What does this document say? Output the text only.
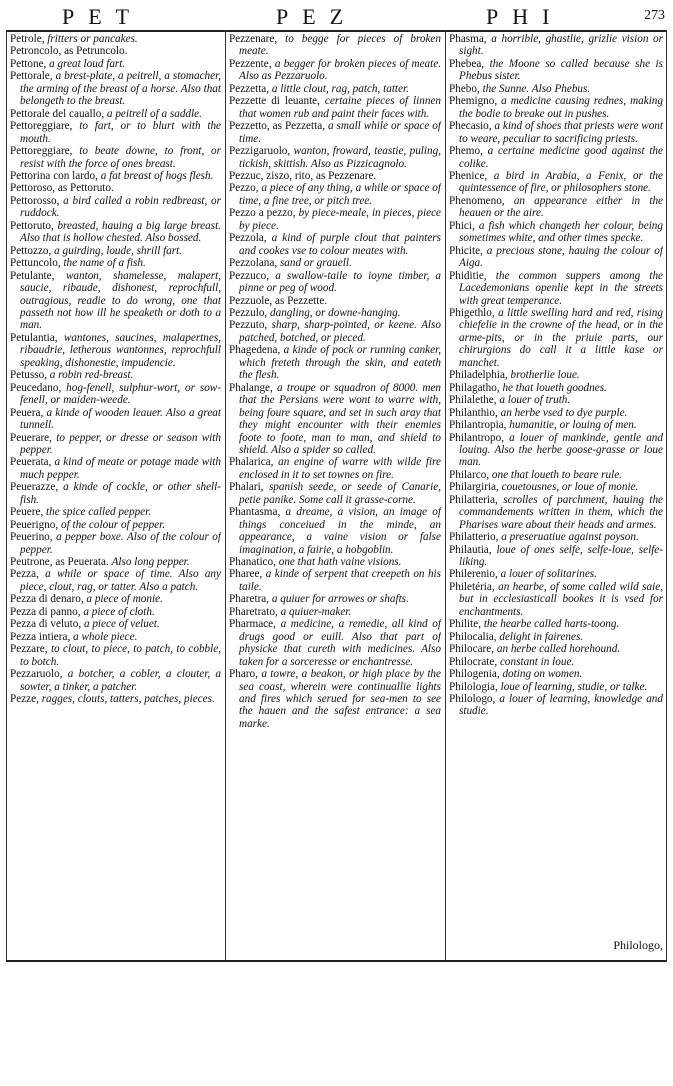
PET	PEZ	PHI	273

Petrole, fritters or pancakes.

Petroncolo, as Petruncolo.

Pettone, a great loud fart.

Pettorale, a brest-plate, a peitrell, a stomacher, the arming of the breast of a horse. Also that belongeth to the breast.

Pettorale del cauallo, a peitrell of a saddle.

Pettoreggiare, to fart, or to blurt with the mouth.

Pettoreggiare, to beate downe, to front, or resist with the force of ones breast.

Pettorina con lardo, a fat breast of hogs flesh.

Pettoroso, as Pettoruto.

Pettorosso, a bird called a robin redbreast, or ruddock.

Pettoruto, breasted, hauing a big large breast. Also that is hollow chested. Also bossed.

Pettozzo, a guirding, loude, shrill fart.

Pettuncolo, the name of a fish.

Petulante, wanton, shamelesse, malapert, saucie, ribaude, dishonest, reprochfull, outragious, readie to do wrong, one that passeth not how ill he speaketh or doth to a man.

Petulantia, wantones, saucines, malapertnes, ribaudrie, letherous wantonnes, reprochfull speaking, dishonestie, impudencie.

Petusso, a robin red-breast.

Peucedano, hog-fenell, sulphur-wort, or sow-fenell, or maiden-weede.

Peuera, a kinde of wooden leauer. Also a great tunnell.

Peuerare, to pepper, or dresse or season with pepper.

Peuerata, a kind of meate or potage made with much pepper.

Peuerazze, a kinde of cockle, or other shell-fish.

Peuere, the spice called pepper.

Peuerigno, of the colour of pepper.

Peuerino, a pepper boxe. Also of the colour of pepper.

Peutrone, as Peuerata. Also long pepper.

Pezza, a while or space of time. Also any piece, clout, rag, or tatter. Also a patch.

Pezza di denaro, a piece of monie.

Pezza di panno, a piece of cloth.

Pezza di veluto, a piece of veluet.

Pezza intiera, a whole piece.

Pezzare, to clout, to piece, to patch, to cobble, to botch.

Pezzaruolo, a botcher, a cobler, a clouter, a sowter, a tinker, a patcher.

Pezze, ragges, clouts, tatters, patches, pieces.

Pezzenare, to begge for pieces of broken meate.

Pezzente, a begger for broken pieces of meate. Also as Pezzaruolo.

Pezzetta, a little clout, rag, patch, tatter.

Pezzette di leuante, certaine pieces of linnen that women rub and paint their faces with.

Pezzetto, as Pezzetta, a small while or space of time.

Pezzigaruolo, wanton, froward, teastie, puling, tickish, skittish. Also as Pizzicagnolo.

Pezzuc, ziszo, rito, as Pezzenare.

Pezzo, a piece of any thing, a while or space of time, a fine tree, or pitch tree.

Pezzo a pezzo, by piece-meale, in pieces, piece by piece.

Pezzola, a kind of purple clout that painters and cookes vse to colour meates with.

Pezzolana, sand or grauell.

Pezzuco, a swallow-taile to ioyne timber, a pinne or peg of wood.

Pezzuole, as Pezzette.

Pezzulo, dangling, or downe-hanging.

Pezzuto, sharp, sharp-pointed, or keene. Also patched, botched, or pieced.

Phagedena, a kinde of pock or running canker, which freteth through the skin, and eateth the flesh.

Phalange, a troupe or squadron of 8000. men that the Persians were wont to warre with, being foure square, and set in such aray that they might encounter with their enemies foote to foote, man to man, and shield to shield. Also a spider so called.

Phalarica, an engine of warre with wilde fire enclosed in it to set townes on fire.

Phalari, spanish seede, or seede of Canarie, petie panike. Some call it grasse-corne.

Phantasma, a dreame, a vision, an image of things conceiued in the minde, an appearance, a vaine vision or false imagination, a fairie, a hobgoblin.

Phanatico, one that hath vaine visions.

Pharee, a kinde of serpent that creepeth on his taile.

Pharetra, a quiuer for arrowes or shafts.

Pharetrato, a quiuer-maker.

Pharmace, a medicine, a remedie, all kind of drugs good or euill. Also that part of physicke that cureth with medicines. Also taken for a sorceresse or enchantresse.

Pharo, a towre, a beakon, or high place by the sea coast, wherein were continuallie lights and fires which serued for sea-men to see the hauen and the safest entrance: a sea marke.

Phasma, a horrible, ghastlie, grizlie vision or sight.

Phebea, the Moone so called because she is Phebus sister.

Phebo, the Sunne. Also Phebus.

Phemigno, a medicine causing rednes, making the bodie to breake out in pushes.

Phecasio, a kind of shoes that priests were wont to weare, peculiar to sacrificing priests.

Phemo, a certaine medicine good against the colike.

Phenice, a bird in Arabia, a Fenix, or the quintessence of fire, or philosophers stone.

Phenomeno, an appearance either in the heauen or the aire.

Phici, a fish which changeth her colour, being sometimes white, and other times specke.

Phicite, a precious stone, hauing the colour of Aiga.

Phiditie, the common suppers among the Lacedemonians openlie kept in the streets with great temperance.

Phigethlo, a little swelling hard and red, rising chiefelie in the crowne of the head, or in the arme-pits, or in the priuie parts, our chirurgions do call it a little kase or manchet.

Philadelphia, brotherlie loue.

Philagatho, he that loueth goodnes.

Philalethe, a louer of truth.

Philanthio, an herbe vsed to dye purple.

Philantropia, humanitie, or louing of men.

Philantropo, a louer of mankinde, gentle and louing. Also the herbe goose-grasse or loue man.

Philarco, one that loueth to beare rule.

Philargiria, couetousnes, or loue of monie.

Philatteria, scrolles of parchment, hauing the commandements written in them, which the Pharises ware about their heads and armes.

Philatterio, a preseruatiue against poyson.

Philautia, loue of ones selfe, selfe-loue, selfe-liking.

Philerenio, a louer of solitarines.

Philetéria, an hearbe, of some called wild saie, but in ecclesiasticall bookes it is vsed for enchantments.

Philite, the hearbe called harts-toong.

Philocalia, delight in fairenes.

Philocare, an herbe called horehound.

Philocrate, constant in loue.

Philogenia, doting on women.

Philologia, loue of learning, studie, or talke.

Philologo, a louer of learning, knowledge and studie.

Philologo,
